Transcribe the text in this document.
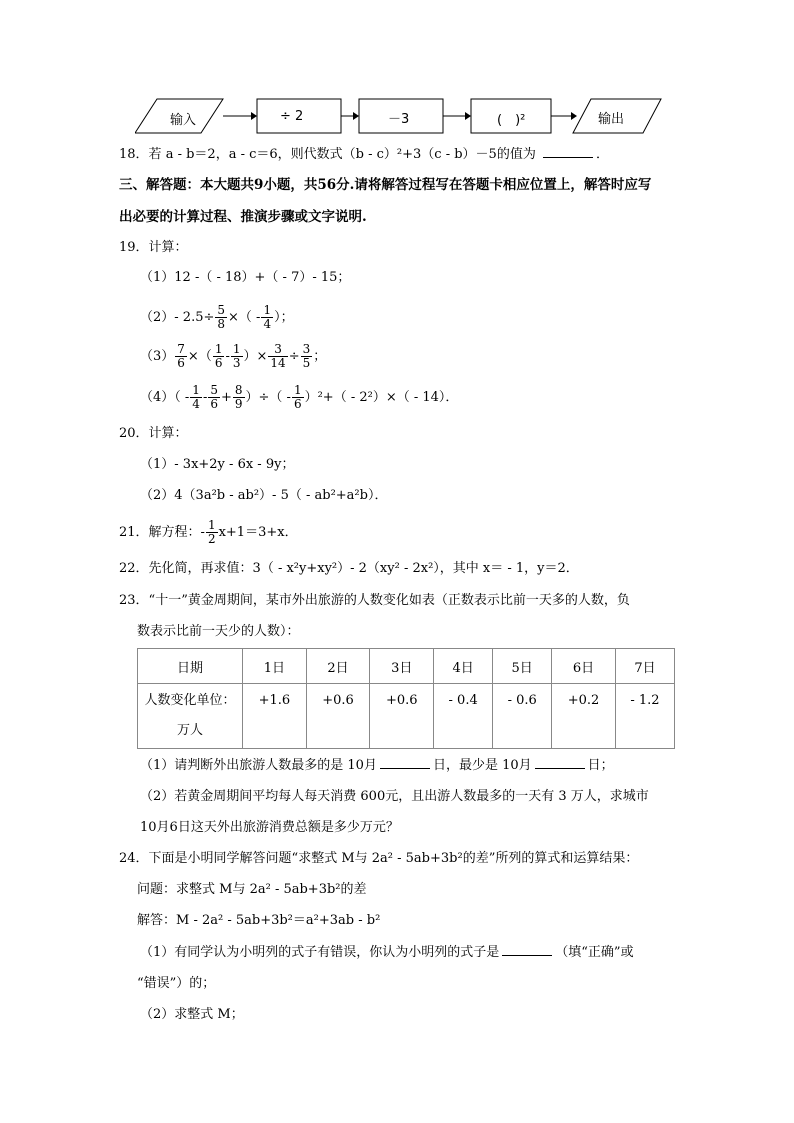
输入	÷ 2	－3	(　)²	输出
18．若 a - b＝2，a - c＝6，则代数式（b - c）²+3（c - b）－5的值为	．
三、解答题：本大题共9小题，共56分.请将解答过程写在答题卡相应位置上，解答时应写
出必要的计算过程、推演步骤或文字说明.
19．计算：
（1）12 -（ - 18）+（ - 7）- 15；
（2）- $2.5\div \frac{5}{8}$ ×（ - $\frac{1}{4}$ ）；
$(3) \frac{7}{6}$ ×（ $\frac{1}{6} - \frac{1}{3}$ ）× $\frac{3}{14} \div \frac{3}{5}$ ；
$(4)( - \frac{1}{4} - \frac{5}{6} + \frac{8}{9}$ ）÷（ - $\frac{1}{6} )^2+( - 2^2)\times( - 14)$．
20．计算：
（1）- 3x+2y - 6x - 9y；
（2）4（3a²b - ab²）- 5（ - ab²+a²b）．
21．解方程：- $\frac{1}{2} x+1=3+x$．
22．先化简，再求值：3（ - x²y+xy²）- 2（xy² - 2x²），其中 x＝ - 1，y＝2．
23．“十一”黄金周期间，某市外出旅游的人数变化如表（正数表示比前一天多的人数，负
数表示比前一天少的人数）：
日期	1日	2日	3日	4日	5日	6日	7日
人数变化单位：
万人	+1.6	+0.6	+0.6	- 0.4	- 0.6	+0.2	- 1.2
（1）请判断外出旅游人数最多的是 10月	日，最少是 10月	日；
（2）若黄金周期间平均每人每天消费 600元，且出游人数最多的一天有 3 万人，求城市
10月6日这天外出旅游消费总额是多少万元？
24．下面是小明同学解答问题“求整式 M与 2a² - 5ab+3b²的差”所列的算式和运算结果：
问题：求整式 M与 2a² - 5ab+3b²的差
解答：M - 2a² - 5ab+3b²＝a²+3ab - b²
（1）有同学认为小明列的式子有错误，你认为小明列的式子是	（填“正确”或
“错误”）的；
（2）求整式 M；
